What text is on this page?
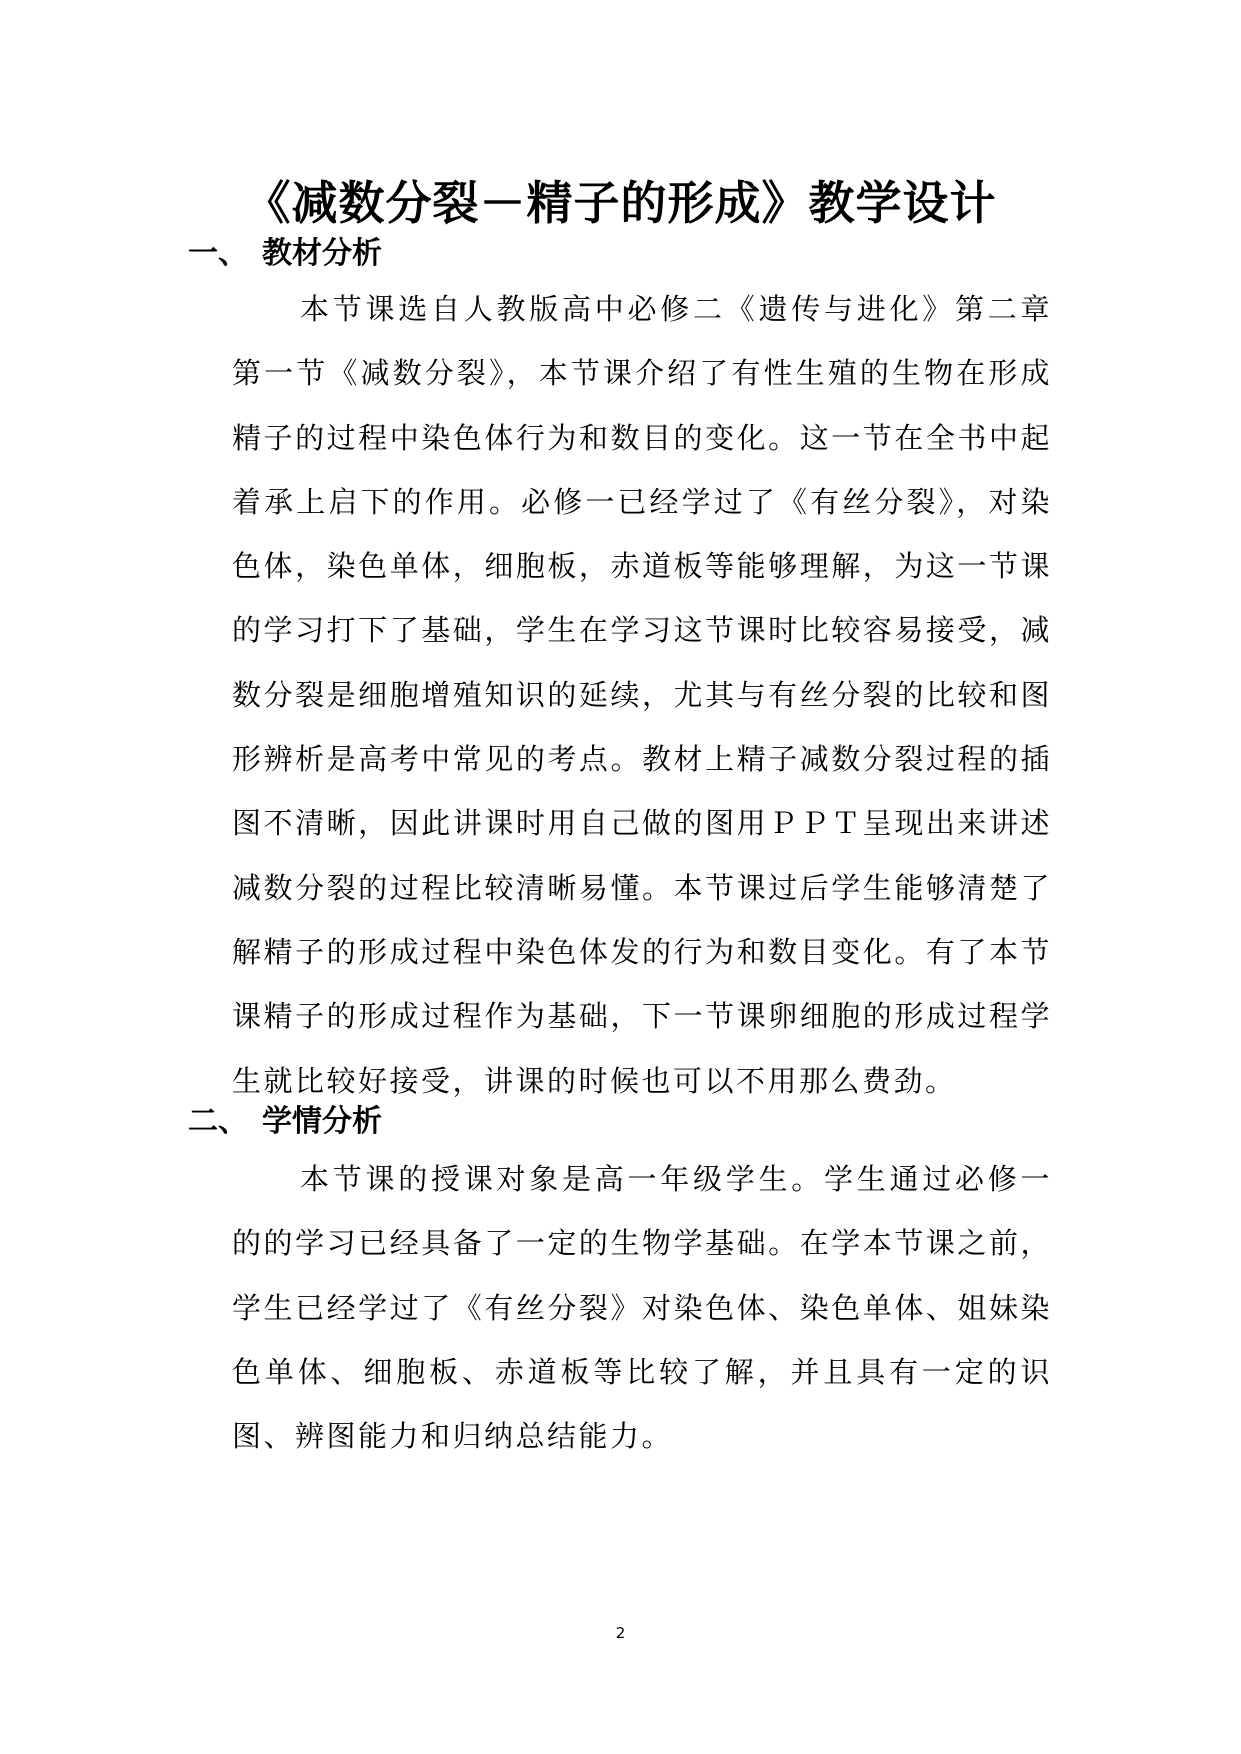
《减数分裂－精子的形成》教学设计
一、 教材分析

本节课选自人教版高中必修二《遗传与进化》第二章第一节《减数分裂》，本节课介绍了有性生殖的生物在形成精子的过程中染色体行为和数目的变化。这一节在全书中起着承上启下的作用。必修一已经学过了《有丝分裂》，对染色体，染色单体，细胞板，赤道板等能够理解，为这一节课的学习打下了基础，学生在学习这节课时比较容易接受，减数分裂是细胞增殖知识的延续，尤其与有丝分裂的比较和图形辨析是高考中常见的考点。教材上精子减数分裂过程的插图不清晰，因此讲课时用自己做的图用ＰＰＴ呈现出来讲述减数分裂的过程比较清晰易懂。本节课过后学生能够清楚了解精子的形成过程中染色体发的行为和数目变化。有了本节课精子的形成过程作为基础，下一节课卵细胞的形成过程学生就比较好接受，讲课的时候也可以不用那么费劲。

二、 学情分析

本节课的授课对象是高一年级学生。学生通过必修一的的学习已经具备了一定的生物学基础。在学本节课之前，学生已经学过了《有丝分裂》对染色体、染色单体、姐妹染色单体、细胞板、赤道板等比较了解，并且具有一定的识图、辨图能力和归纳总结能力。

2
